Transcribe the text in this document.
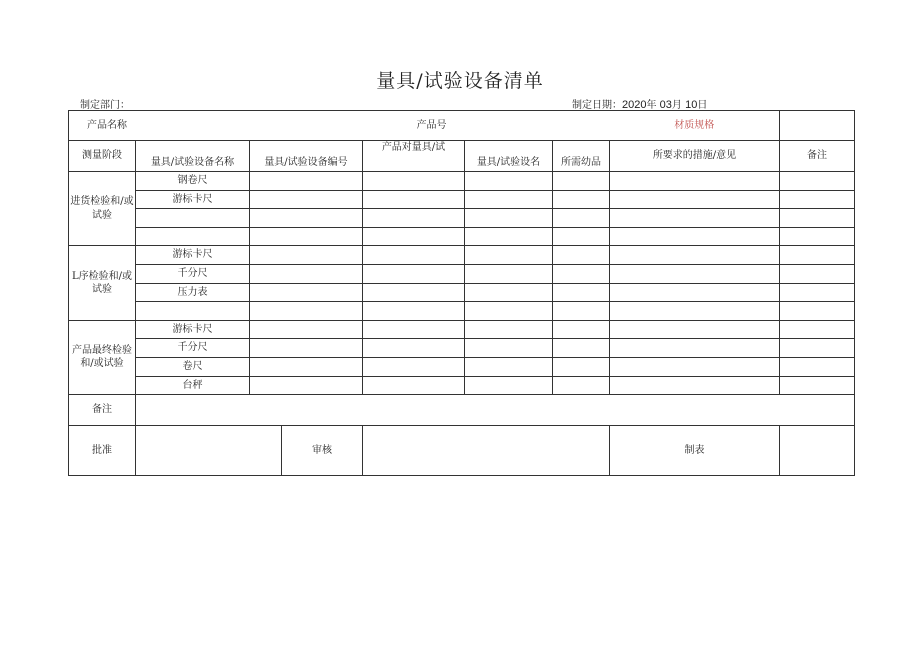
量具/试验设备清单
制定部门：	制定日期：2020年 03月 10日
产品名称					产品号			材质规格	
测量阶段	量具/试验设备名称	量具/试验设备编号		产品对量具/试		量具/试验设名	所需幼品	所要求的措施/意见	备注
进货检验和/或试验	钢卷尺								
	游标卡尺								

L序检验和/或试验	游标卡尺								
	千分尺								
	压力表								

产品最终检验和/或试验	游标卡尺								
	千分尺								
	卷尺								
	台秤								
备注									
批准			审核					制表	
